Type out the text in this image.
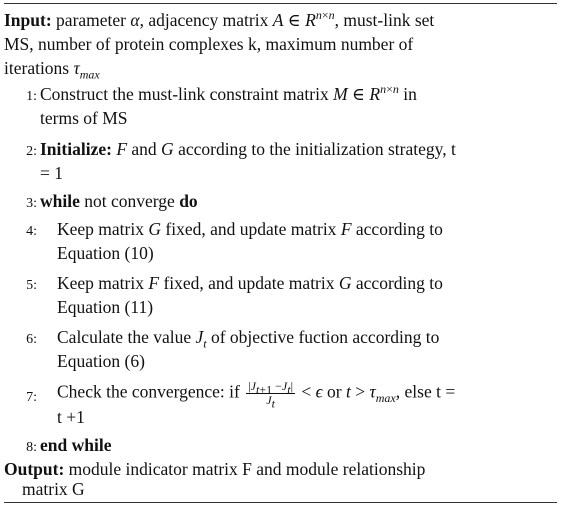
Input: parameter α, adjacency matrix A ∈ $R^{n\times n}$, must-link set
MS, number of protein complexes k, maximum number of
iterations $\tau_{max}$
1: Construct the must-link constraint matrix M ∈ $R^{n\times n}$ in
terms of MS
2: Initialize: F and G according to the initialization strategy, t
= 1
3: while not converge do
4: Keep matrix G fixed, and update matrix F according to
Equation (10)
5: Keep matrix F fixed, and update matrix G according to
Equation (11)
6: Calculate the value $J_t$ of objective fuction according to
Equation (6)
7: Check the convergence: if $\frac{|J_{t+1} -J_t|}{J_t} < \epsilon$ or $t > \tau_{max}$, else t =
t +1
8: end while
Output: module indicator matrix F and module relationship
matrix G
